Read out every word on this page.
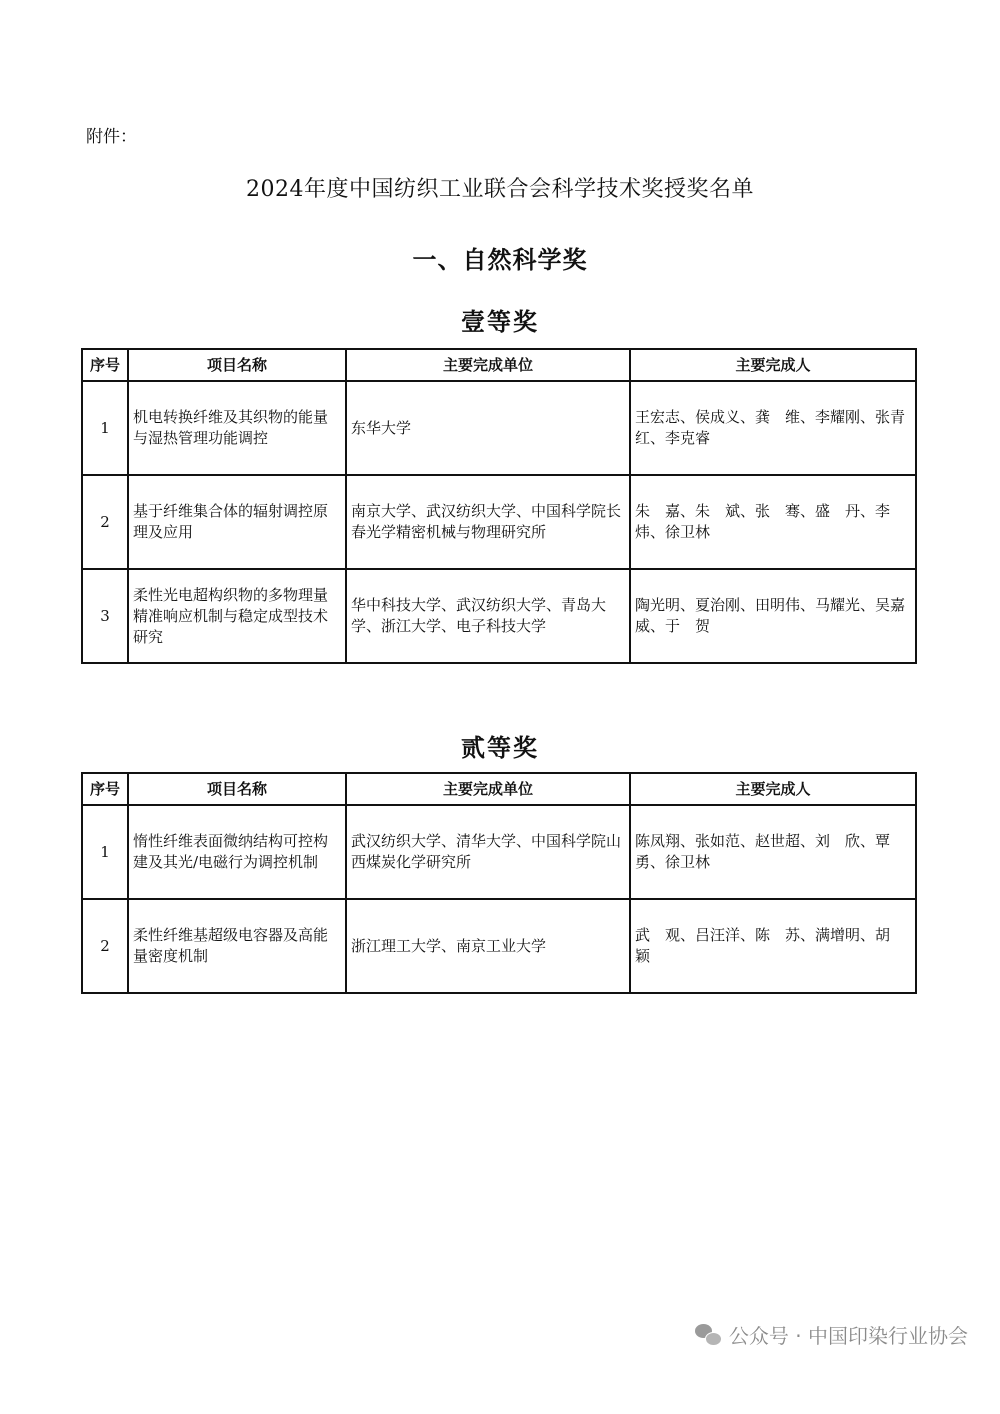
附件：
2024年度中国纺织工业联合会科学技术奖授奖名单
一、自然科学奖
壹等奖
序号	项目名称	主要完成单位	主要完成人
1	机电转换纤维及其织物的能量与湿热管理功能调控	东华大学	王宏志、侯成义、龚　维、李耀刚、张青红、李克睿
2	基于纤维集合体的辐射调控原理及应用	南京大学、武汉纺织大学、中国科学院长春光学精密机械与物理研究所	朱　嘉、朱　斌、张　骞、盛　丹、李　炜、徐卫林
3	柔性光电超构织物的多物理量精准响应机制与稳定成型技术研究	华中科技大学、武汉纺织大学、青岛大学、浙江大学、电子科技大学	陶光明、夏治刚、田明伟、马耀光、吴嘉威、于　贺
贰等奖
序号	项目名称	主要完成单位	主要完成人
1	惰性纤维表面微纳结构可控构建及其光/电磁行为调控机制	武汉纺织大学、清华大学、中国科学院山西煤炭化学研究所	陈凤翔、张如范、赵世超、刘　欣、覃　勇、徐卫林
2	柔性纤维基超级电容器及高能量密度机制	浙江理工大学、南京工业大学	武　观、吕汪洋、陈　苏、满增明、胡　颖
公众号 · 中国印染行业协会
